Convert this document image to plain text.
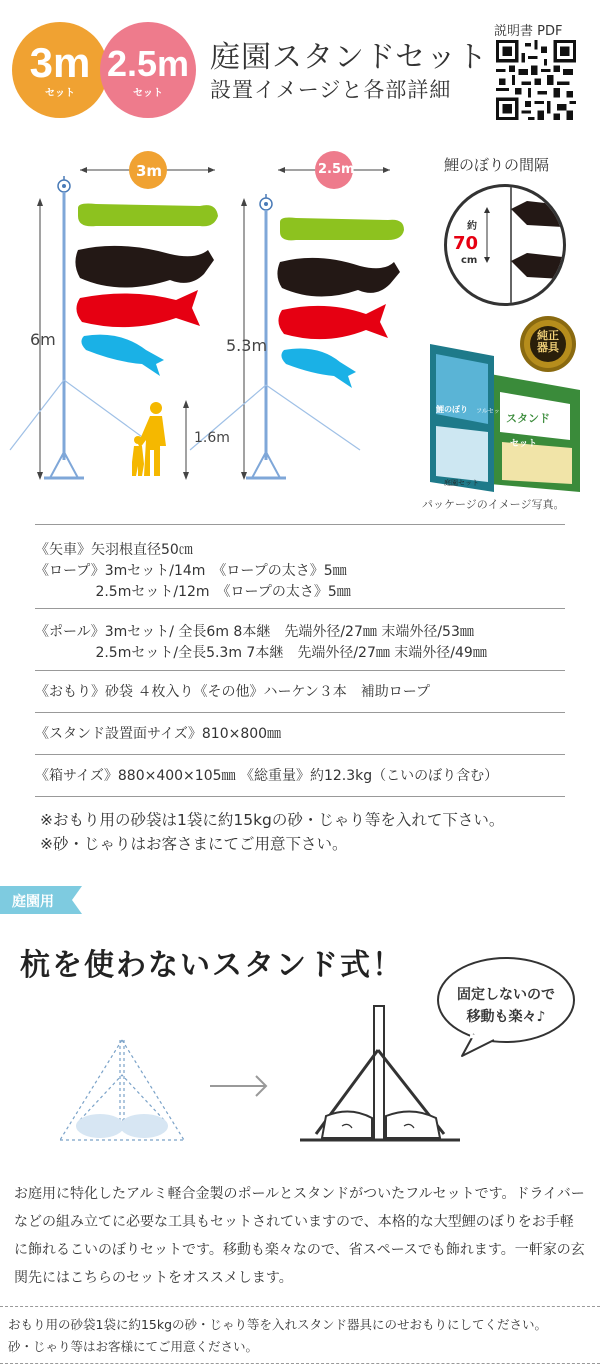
3m
セット
2.5m
セット
庭園スタンドセット
設置イメージと各部詳細
説明書 PDF
3m	2.5m
6m	5.3m
1.6m
鯉のぼりの間隔
約
70
cm
純正器具
鯉のぼり フルセット
庭園セット
スタンド
セット
パッケージのイメージ写真。
《矢車》矢羽根直径50㎝
《ロープ》3mセット/14m　《ロープの太さ》5㎜
　　　　 2.5mセット/12m　《ロープの太さ》5㎜
《ポール》3mセット/ 全長6m 8本継　先端外径/27㎜ 末端外径/53㎜
　　　　 2.5mセット/全長5.3m 7本継　先端外径/27㎜ 末端外径/49㎜
《おもり》砂袋 ４枚入り《その他》ハーケン３本　補助ロープ
《スタンド設置面サイズ》810×800㎜
《箱サイズ》880×400×105㎜ 《総重量》約12.3kg（こいのぼり含む）
※おもり用の砂袋は1袋に約15kgの砂・じゃり等を入れて下さい。
※砂・じゃりはお客さまにてご用意下さい。
庭園用
杭を使わないスタンド式！
固定しないので
移動も楽々♪
お庭用に特化したアルミ軽合金製のポールとスタンドがついたフルセットです。ドライバーなどの組み立てに必要な工具もセットされていますので、本格的な大型鯉のぼりをお手軽に飾れるこいのぼりセットです。移動も楽々なので、省スペースでも飾れます。一軒家の玄関先にはこちらのセットをオススメします。
おもり用の砂袋1袋に約15kgの砂・じゃり等を入れスタンド器具にのせおもりにしてください。
砂・じゃり等はお客様にてご用意ください。
